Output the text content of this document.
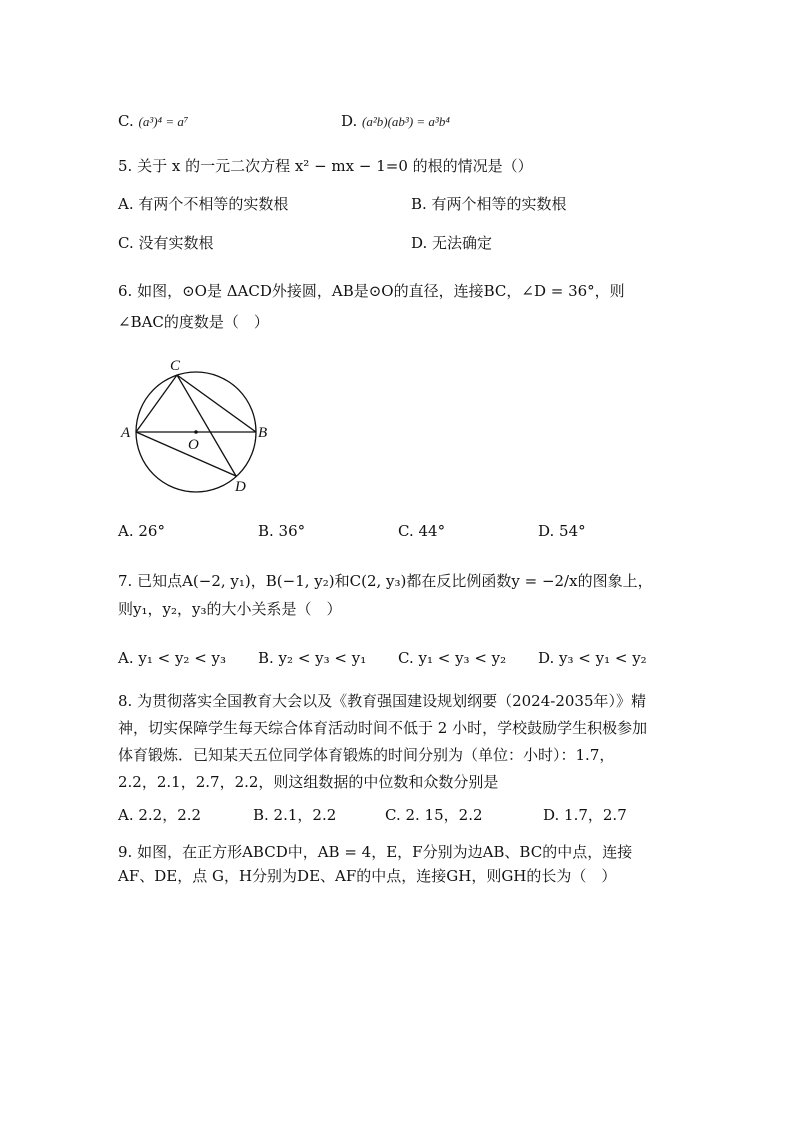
C. (a³)⁴ = a⁷	D. (a²b)(ab³) = a³b⁴
5. 关于 x 的一元二次方程 x² − mx − 1=0 的根的情况是（）
A. 有两个不相等的实数根	B. 有两个相等的实数根
C. 没有实数根	D. 无法确定
6. 如图，⊙O是 ΔACD外接圆，AB是⊙O的直径，连接BC，∠D = 36°，则
∠BAC的度数是（　）
A	B
C
D
O
A. 26°	B. 36°	C. 44°	D. 54°
7. 已知点A(−2, y₁)，B(−1, y₂)和C(2, y₃)都在反比例函数y = −2/x的图象上，
则y₁，y₂，y₃的大小关系是（　）
A. y₁ < y₂ < y₃ B. y₂ < y₃ < y₁ C. y₁ < y₃ < y₂ D. y₃ < y₁ < y₂
8. 为贯彻落实全国教育大会以及《教育强国建设规划纲要（2024-2035年）》精
神，切实保障学生每天综合体育活动时间不低于 2 小时，学校鼓励学生积极参加
体育锻炼．已知某天五位同学体育锻炼的时间分别为（单位：小时）：1.7，
2.2，2.1，2.7，2.2，则这组数据的中位数和众数分别是
A. 2.2，2.2	B. 2.1，2.2	C. 2. 15，2.2	D. 1.7，2.7
9. 如图，在正方形ABCD中，AB = 4，E，F分别为边AB、BC的中点，连接
AF、DE，点 G，H分别为DE、AF的中点，连接GH，则GH的长为（　）
